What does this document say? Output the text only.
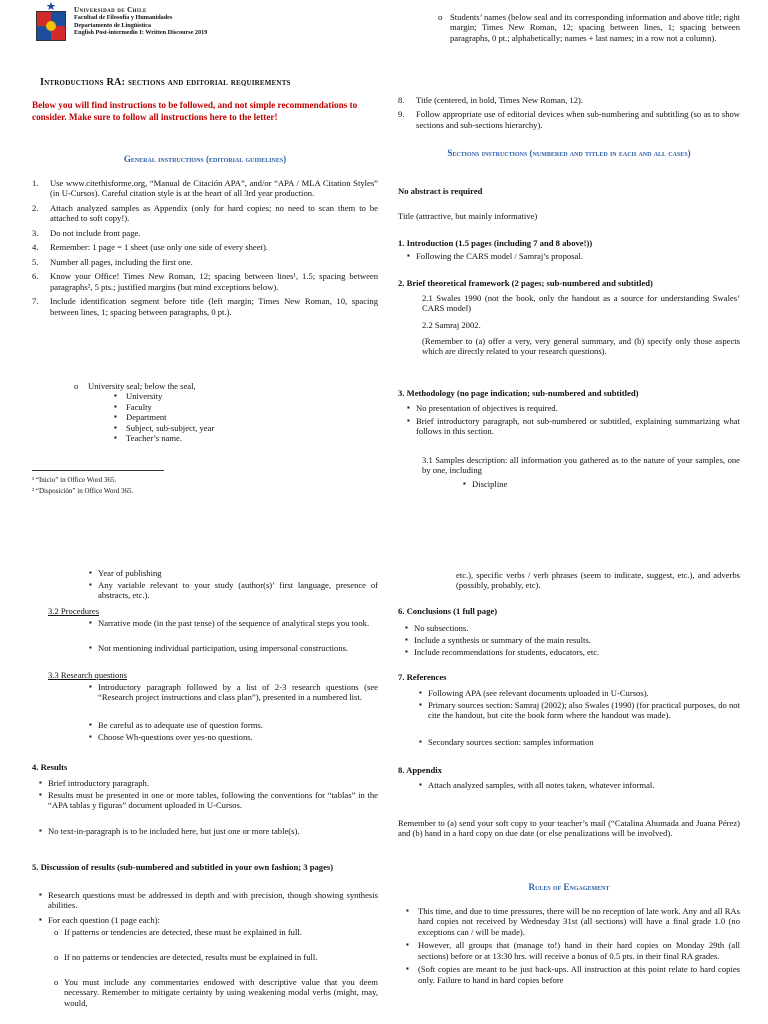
Universidad de Chile
Facultad de Filosofía y Humanidades
Departamento de Lingüística
English Post-intermedio I: Written Discourse 2019
Introductions RA: sections and editorial requirements
Below you will find instructions to be followed, and not simple recommendations to consider. Make sure to follow all instructions here to the letter!
General instructions (editorial guidelines)
1. Use www.citethisforme.org, “Manual de Citación APA”, and/or “APA / MLA Citation Styles” (in U-Cursos). Careful citation style is at the heart of all 3rd year production.
2. Attach analyzed samples as Appendix (only for hard copies; no need to scan them to be attached to soft copy!).
3. Do not include front page.
4. Remember: 1 page = 1 sheet (use only one side of every sheet).
5. Number all pages, including the first one.
6. Know your Office! Times New Roman, 12; spacing between lines¹, 1.5; spacing between paragraphs², 5 pts.; justified margins (but mind exceptions below).
7. Include identification segment before title (left margin; Times New Roman, 10, spacing between lines, 1; spacing between paragraphs, 0 pt.).
o University seal; below the seal,
▪ University
▪ Faculty
▪ Department
▪ Subject, sub-subject, year
▪ Teacher’s name.
¹ “Inicio” in Office Word 365.
² “Disposición” in Office Word 365.
o Students’ names (below seal and its corresponding information and above title; right margin; Times New Roman, 12; spacing between lines, 1; spacing between paragraphs, 0 pt.; alphabetically; names + last names; in a row not a column).
8. Title (centered, in bold, Times New Roman, 12).
9. Follow appropriate use of editorial devices when sub-numbering and subtitling (so as to show sections and sub-sections hierarchy).
Sections instructions (numbered and titled in each and all cases)
No abstract is required
Title (attractive, but mainly informative)
1. Introduction (1.5 pages (including 7 and 8 above!))
▪ Following the CARS model / Samraj’s proposal.
2. Brief theoretical framework (2 pages; sub-numbered and subtitled)
2.1 Swales 1990 (not the book, only the handout as a source for understanding Swales’ CARS model)
2.2 Samraj 2002.
(Remember to (a) offer a very, very general summary, and (b) specify only those aspects which are directly related to your research questions).
3. Methodology (no page indication; sub-numbered and subtitled)
▪ No presentation of objectives is required.
▪ Brief introductory paragraph, not sub-numbered or subtitled, explaining summarizing what follows in this section.
3.1 Samples description: all information you gathered as to the nature of your samples, one by one, including
▪ Discipline
▪ Year of publishing
▪ Any variable relevant to your study (author(s)’ first language, presence of abstracts, etc.).
3.2 Procedures
▪ Narrative mode (in the past tense) of the sequence of analytical steps you took.
▪ Not mentioning individual participation, using impersonal constructions.
3.3 Research questions
▪ Introductory paragraph followed by a list of 2-3 research questions (see “Research project instructions and class plan”), presented in a numbered list.
▪ Be careful as to adequate use of question forms.
▪ Choose Wh-questions over yes-no questions.
4. Results
▪ Brief introductory paragraph.
▪ Results must be presented in one or more tables, following the conventions for “tablas” in the “APA tablas y figuras” document uploaded in U-Cursos.
▪ No text-in-paragraph is to be included here, but just one or more table(s).
5. Discussion of results (sub-numbered and subtitled in your own fashion; 3 pages)
▪ Research questions must be addressed in depth and with precision, though showing synthesis abilities.
▪ For each question (1 page each):
o If patterns or tendencies are detected, these must be explained in full.
o If no patterns or tendencies are detected, results must be explained in full.
o You must include any commentaries endowed with descriptive value that you deem necessary. Remember to mitigate certainty by using weakening modal verbs (might, may, would,
etc.), specific verbs / verb phrases (seem to indicate, suggest, etc.), and adverbs (possibly, probably, etc).
6. Conclusions (1 full page)
▪ No subsections.
▪ Include a synthesis or summary of the main results.
▪ Include recommendations for students, educators, etc.
7. References
▪ Following APA (see relevant documents uploaded in U-Cursos).
▪ Primary sources section: Samraj (2002); also Swales (1990) (for practical purposes, do not cite the handout, but cite the book form where the handout was made).
▪ Secondary sources section: samples information
8. Appendix
▪ Attach analyzed samples, with all notes taken, whatever informal.
Remember to (a) send your soft copy to your teacher’s mail (“Catalina Ahumada and Juana Pérez) and (b) hand in a hard copy on due date (or else penalizations will be involved).
Rules of Engagement
▪ This time, and due to time pressures, there will be no reception of late work. Any and all RAs hard copies not received by Wednesday 31st (all sections) will have a final grade 1.0 (no exceptions can / will be made).
▪ However, all groups that (manage to!) hand in their hard copies on Monday 29th (all sections) before or at 13:30 hrs. will receive a bonus of 0.5 pts. in their final RA grades.
▪ (Soft copies are meant to be just back-ups. All instruction at this point relate to hard copies only. Failure to hand in hard copies before
